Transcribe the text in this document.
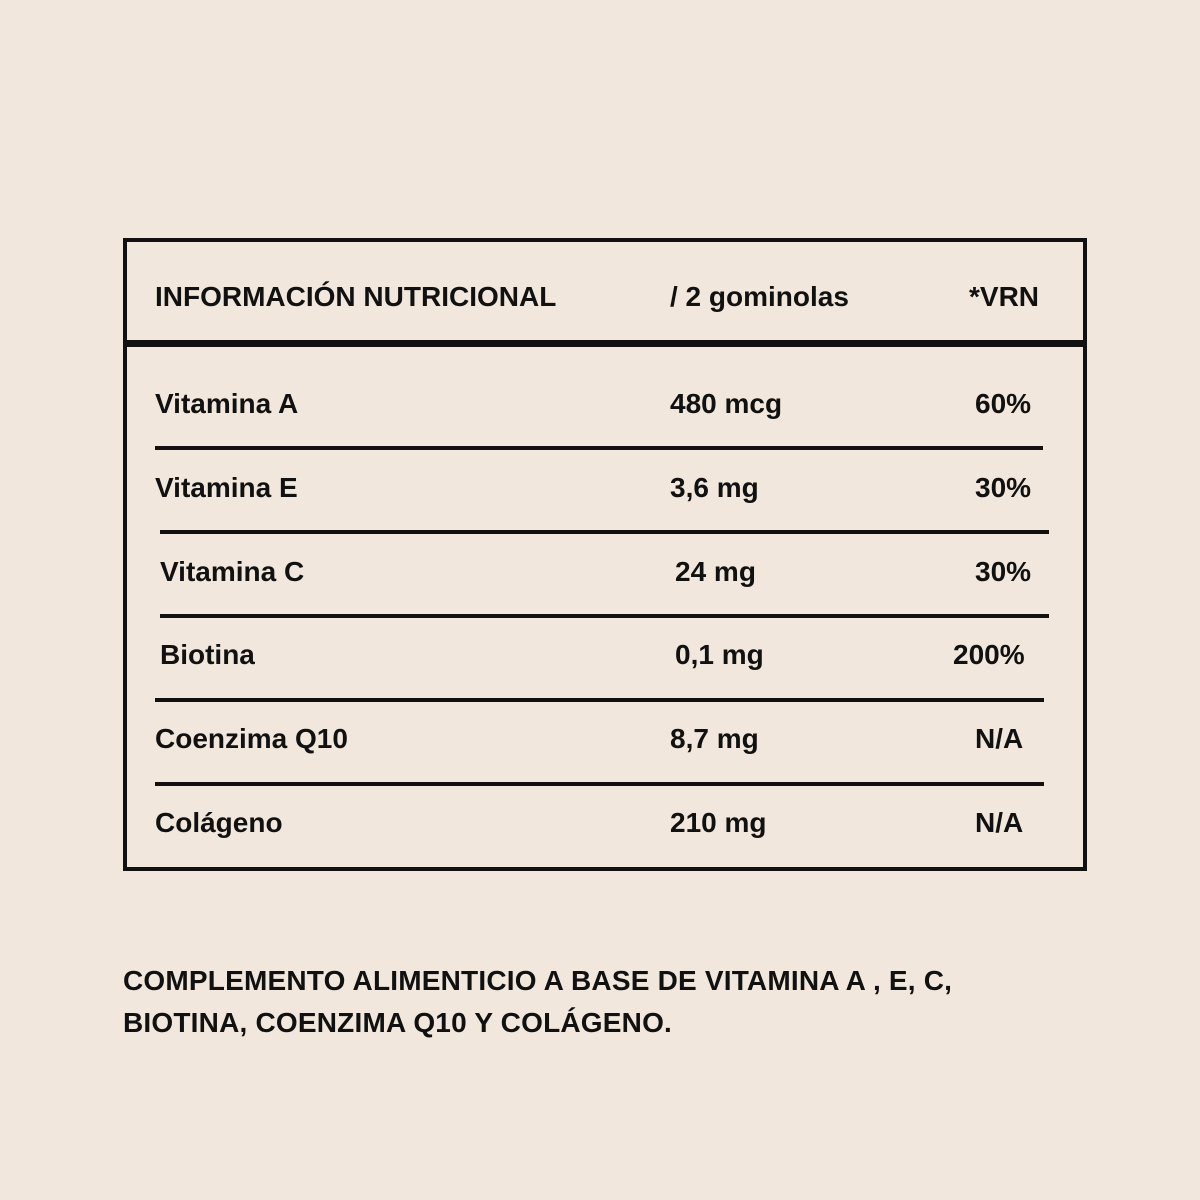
INFORMACIÓN NUTRICIONAL	/ 2 gominolas	*VRN
Vitamina A	480 mcg	60%
Vitamina E	3,6 mg	30%
Vitamina C	24 mg	30%
Biotina	0,1 mg	200%
Coenzima Q10	8,7 mg	N/A
Colágeno	210 mg	N/A
COMPLEMENTO ALIMENTICIO A BASE DE VITAMINA A , E, C,
BIOTINA, COENZIMA Q10 Y COLÁGENO.
